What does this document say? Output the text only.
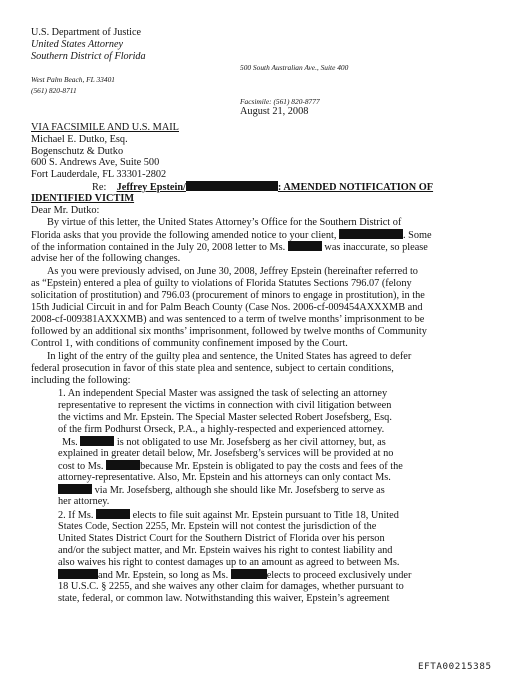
U.S. Department of Justice
United States Attorney
Southern District of Florida
500 South Australian Ave., Suite 400
West Palm Beach, FL 33401
(561) 820-8711
Facsimile: (561) 820-8777
August 21, 2008
VIA FACSIMILE AND U.S. MAIL
Michael E. Dutko, Esq.
Bogenschutz & Dutko
600 S. Andrews Ave, Suite 500
Fort Lauderdale, FL 33301-2802
Re: Jeffrey Epstein/	: AMENDED NOTIFICATION OF
IDENTIFIED VICTIM
Dear Mr. Dutko:
By virtue of this letter, the United States Attorney’s Office for the Southern District of
Florida asks that you provide the following amended notice to your client,	. Some
of the information contained in the July 20, 2008 letter to Ms.	was inaccurate, so please
advise her of the following changes.
As you were previously advised, on June 30, 2008, Jeffrey Epstein (hereinafter referred to
as “Epstein) entered a plea of guilty to violations of Florida Statutes Sections 796.07 (felony
solicitation of prostitution) and 796.03 (procurement of minors to engage in prostitution), in the
15th Judicial Circuit in and for Palm Beach County (Case Nos. 2006-cf-009454AXXXMB and
2008-cf-009381AXXXMB) and was sentenced to a term of twelve months’ imprisonment to be
followed by an additional six months’ imprisonment, followed by twelve months of Community
Control 1, with conditions of community confinement imposed by the Court.
In light of the entry of the guilty plea and sentence, the United States has agreed to defer
federal prosecution in favor of this state plea and sentence, subject to certain conditions,
including the following:
1. An independent Special Master was assigned the task of selecting an attorney
representative to represent the victims in connection with civil litigation between
the victims and Mr. Epstein. The Special Master selected Robert Josefsberg, Esq.
of the firm Podhurst Orseck, P.A., a highly-respected and experienced attorney.
Ms.	is not obligated to use Mr. Josefsberg as her civil attorney, but, as
explained in greater detail below, Mr. Josefsberg’s services will be provided at no
cost to Ms.	because Mr. Epstein is obligated to pay the costs and fees of the
attorney-representative. Also, Mr. Epstein and his attorneys can only contact Ms.
via Mr. Josefsberg, although she should like Mr. Josefsberg to serve as
her attorney.
2. If Ms.	elects to file suit against Mr. Epstein pursuant to Title 18, United
States Code, Section 2255, Mr. Epstein will not contest the jurisdiction of the
United States District Court for the Southern District of Florida over his person
and/or the subject matter, and Mr. Epstein waives his right to contest liability and
also waives his right to contest damages up to an amount as agreed to between Ms.
and Mr. Epstein, so long as Ms.	elects to proceed exclusively under
18 U.S.C. § 2255, and she waives any other claim for damages, whether pursuant to
state, federal, or common law. Notwithstanding this waiver, Epstein’s agreement
EFTA00215385
